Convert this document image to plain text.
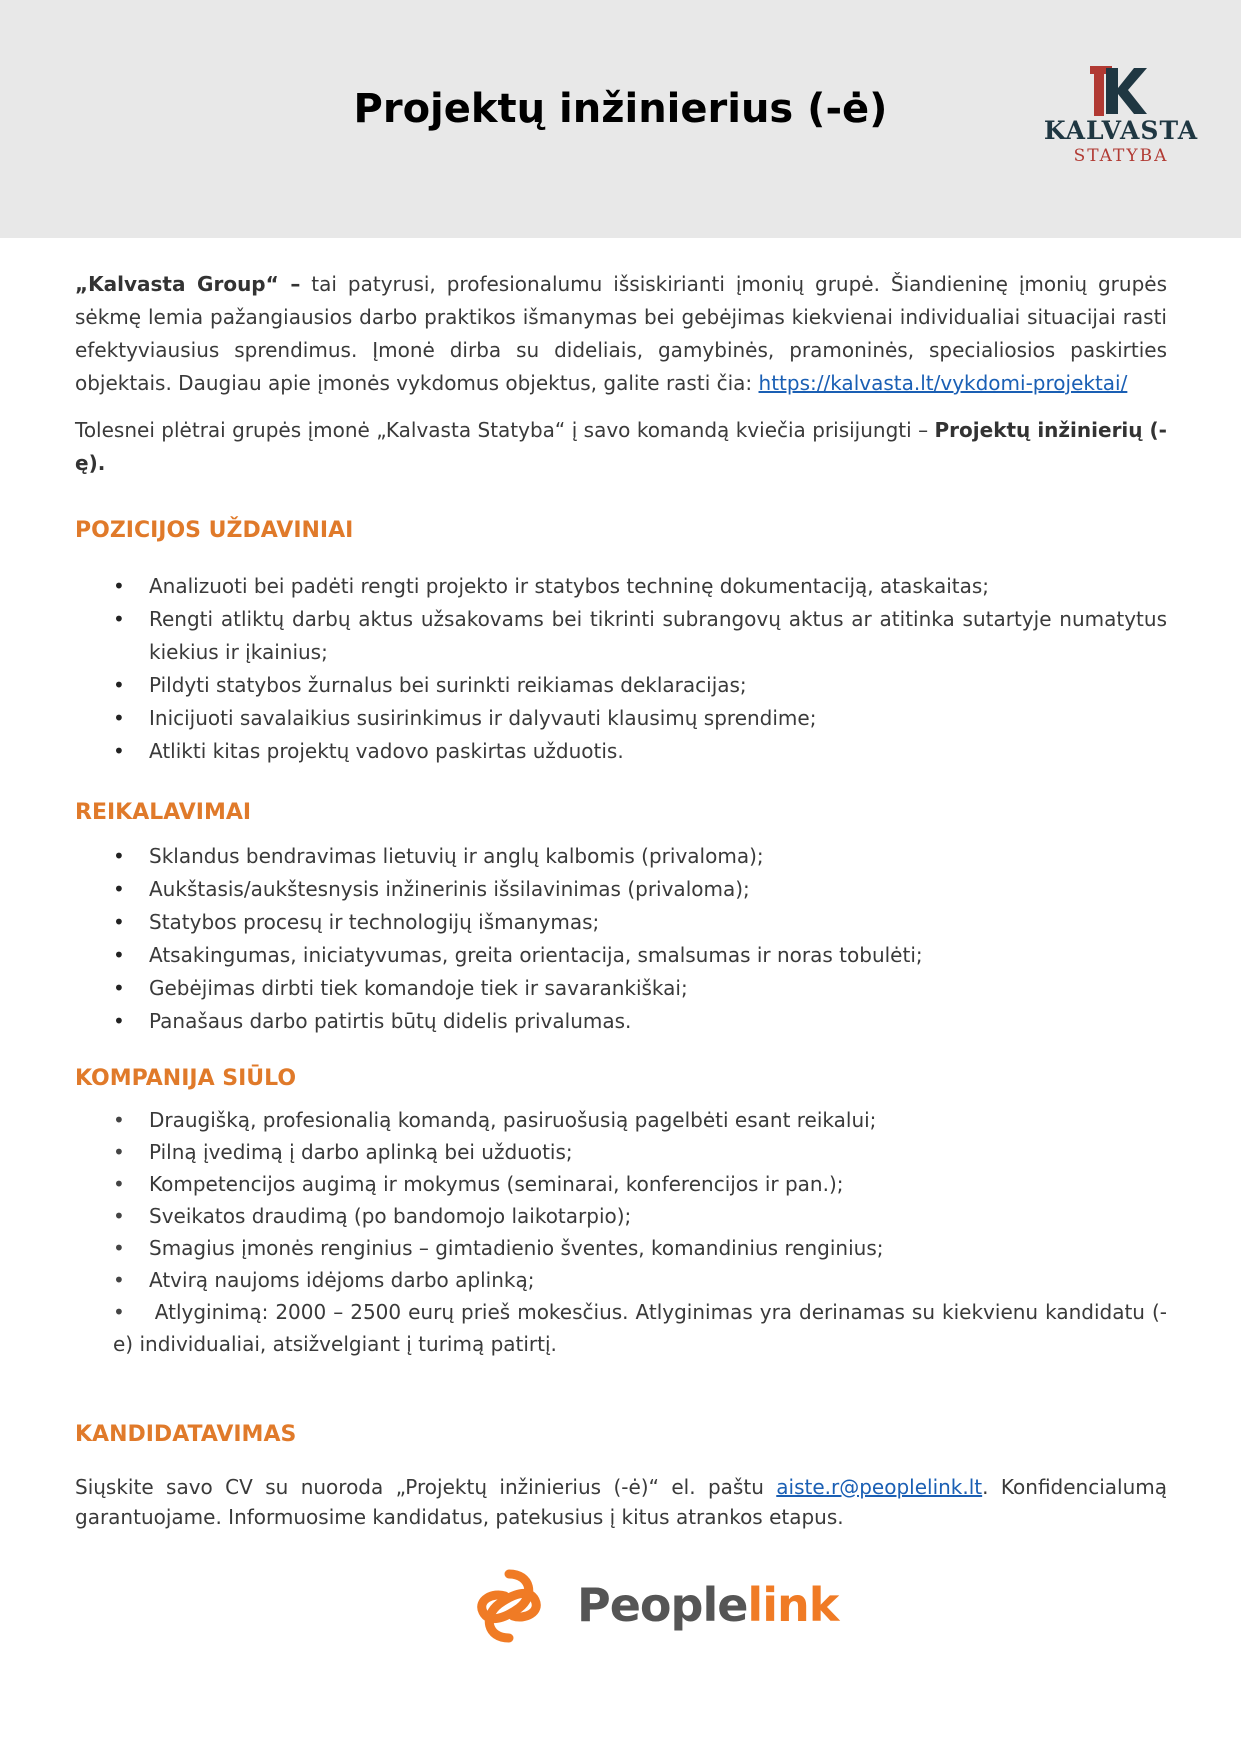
Projektų inžinierius (-ė)	KALVASTA
STATYBA

„Kalvasta Group“ – tai patyrusi, profesionalumu išsiskirianti įmonių grupė. Šiandieninę įmonių grupės sėkmę lemia pažangiausios darbo praktikos išmanymas bei gebėjimas kiekvienai individualiai situacijai rasti efektyviausius sprendimus. Įmonė dirba su dideliais, gamybinės, pramoninės, specialiosios paskirties objektais. Daugiau apie įmonės vykdomus objektus, galite rasti čia: https://kalvasta.lt/vykdomi-projektai/

Tolesnei plėtrai grupės įmonė „Kalvasta Statyba“ į savo komandą kviečia prisijungti – Projektų inžinierių (-ę).

POZICIJOS UŽDAVINIAI
• Analizuoti bei padėti rengti projekto ir statybos techninę dokumentaciją, ataskaitas;
• Rengti atliktų darbų aktus užsakovams bei tikrinti subrangovų aktus ar atitinka sutartyje numatytus kiekius ir įkainius;
• Pildyti statybos žurnalus bei surinkti reikiamas deklaracijas;
• Inicijuoti savalaikius susirinkimus ir dalyvauti klausimų sprendime;
• Atlikti kitas projektų vadovo paskirtas užduotis.
REIKALAVIMAI
• Sklandus bendravimas lietuvių ir anglų kalbomis (privaloma);
• Aukštasis/aukštesnysis inžinerinis išsilavinimas (privaloma);
• Statybos procesų ir technologijų išmanymas;
• Atsakingumas, iniciatyvumas, greita orientacija, smalsumas ir noras tobulėti;
• Gebėjimas dirbti tiek komandoje tiek ir savarankiškai;
• Panašaus darbo patirtis būtų didelis privalumas.
KOMPANIJA SIŪLO
• Draugišką, profesionalią komandą, pasiruošusią pagelbėti esant reikalui;
• Pilną įvedimą į darbo aplinką bei užduotis;
• Kompetencijos augimą ir mokymus (seminarai, konferencijos ir pan.);
• Sveikatos draudimą (po bandomojo laikotarpio);
• Smagius įmonės renginius – gimtadienio šventes, komandinius renginius;
• Atvirą naujoms idėjoms darbo aplinką;
• Atlyginimą: 2000 – 2500 eurų prieš mokesčius. Atlyginimas yra derinamas su kiekvienu kandidatu (-e) individualiai, atsižvelgiant į turimą patirtį.
KANDIDATAVIMAS

Siųskite savo CV su nuoroda „Projektų inžinierius (-ė)“ el. paštu aiste.r@peoplelink.lt. Konfidencialumą garantuojame. Informuosime kandidatus, patekusius į kitus atrankos etapus.

Peoplelink
